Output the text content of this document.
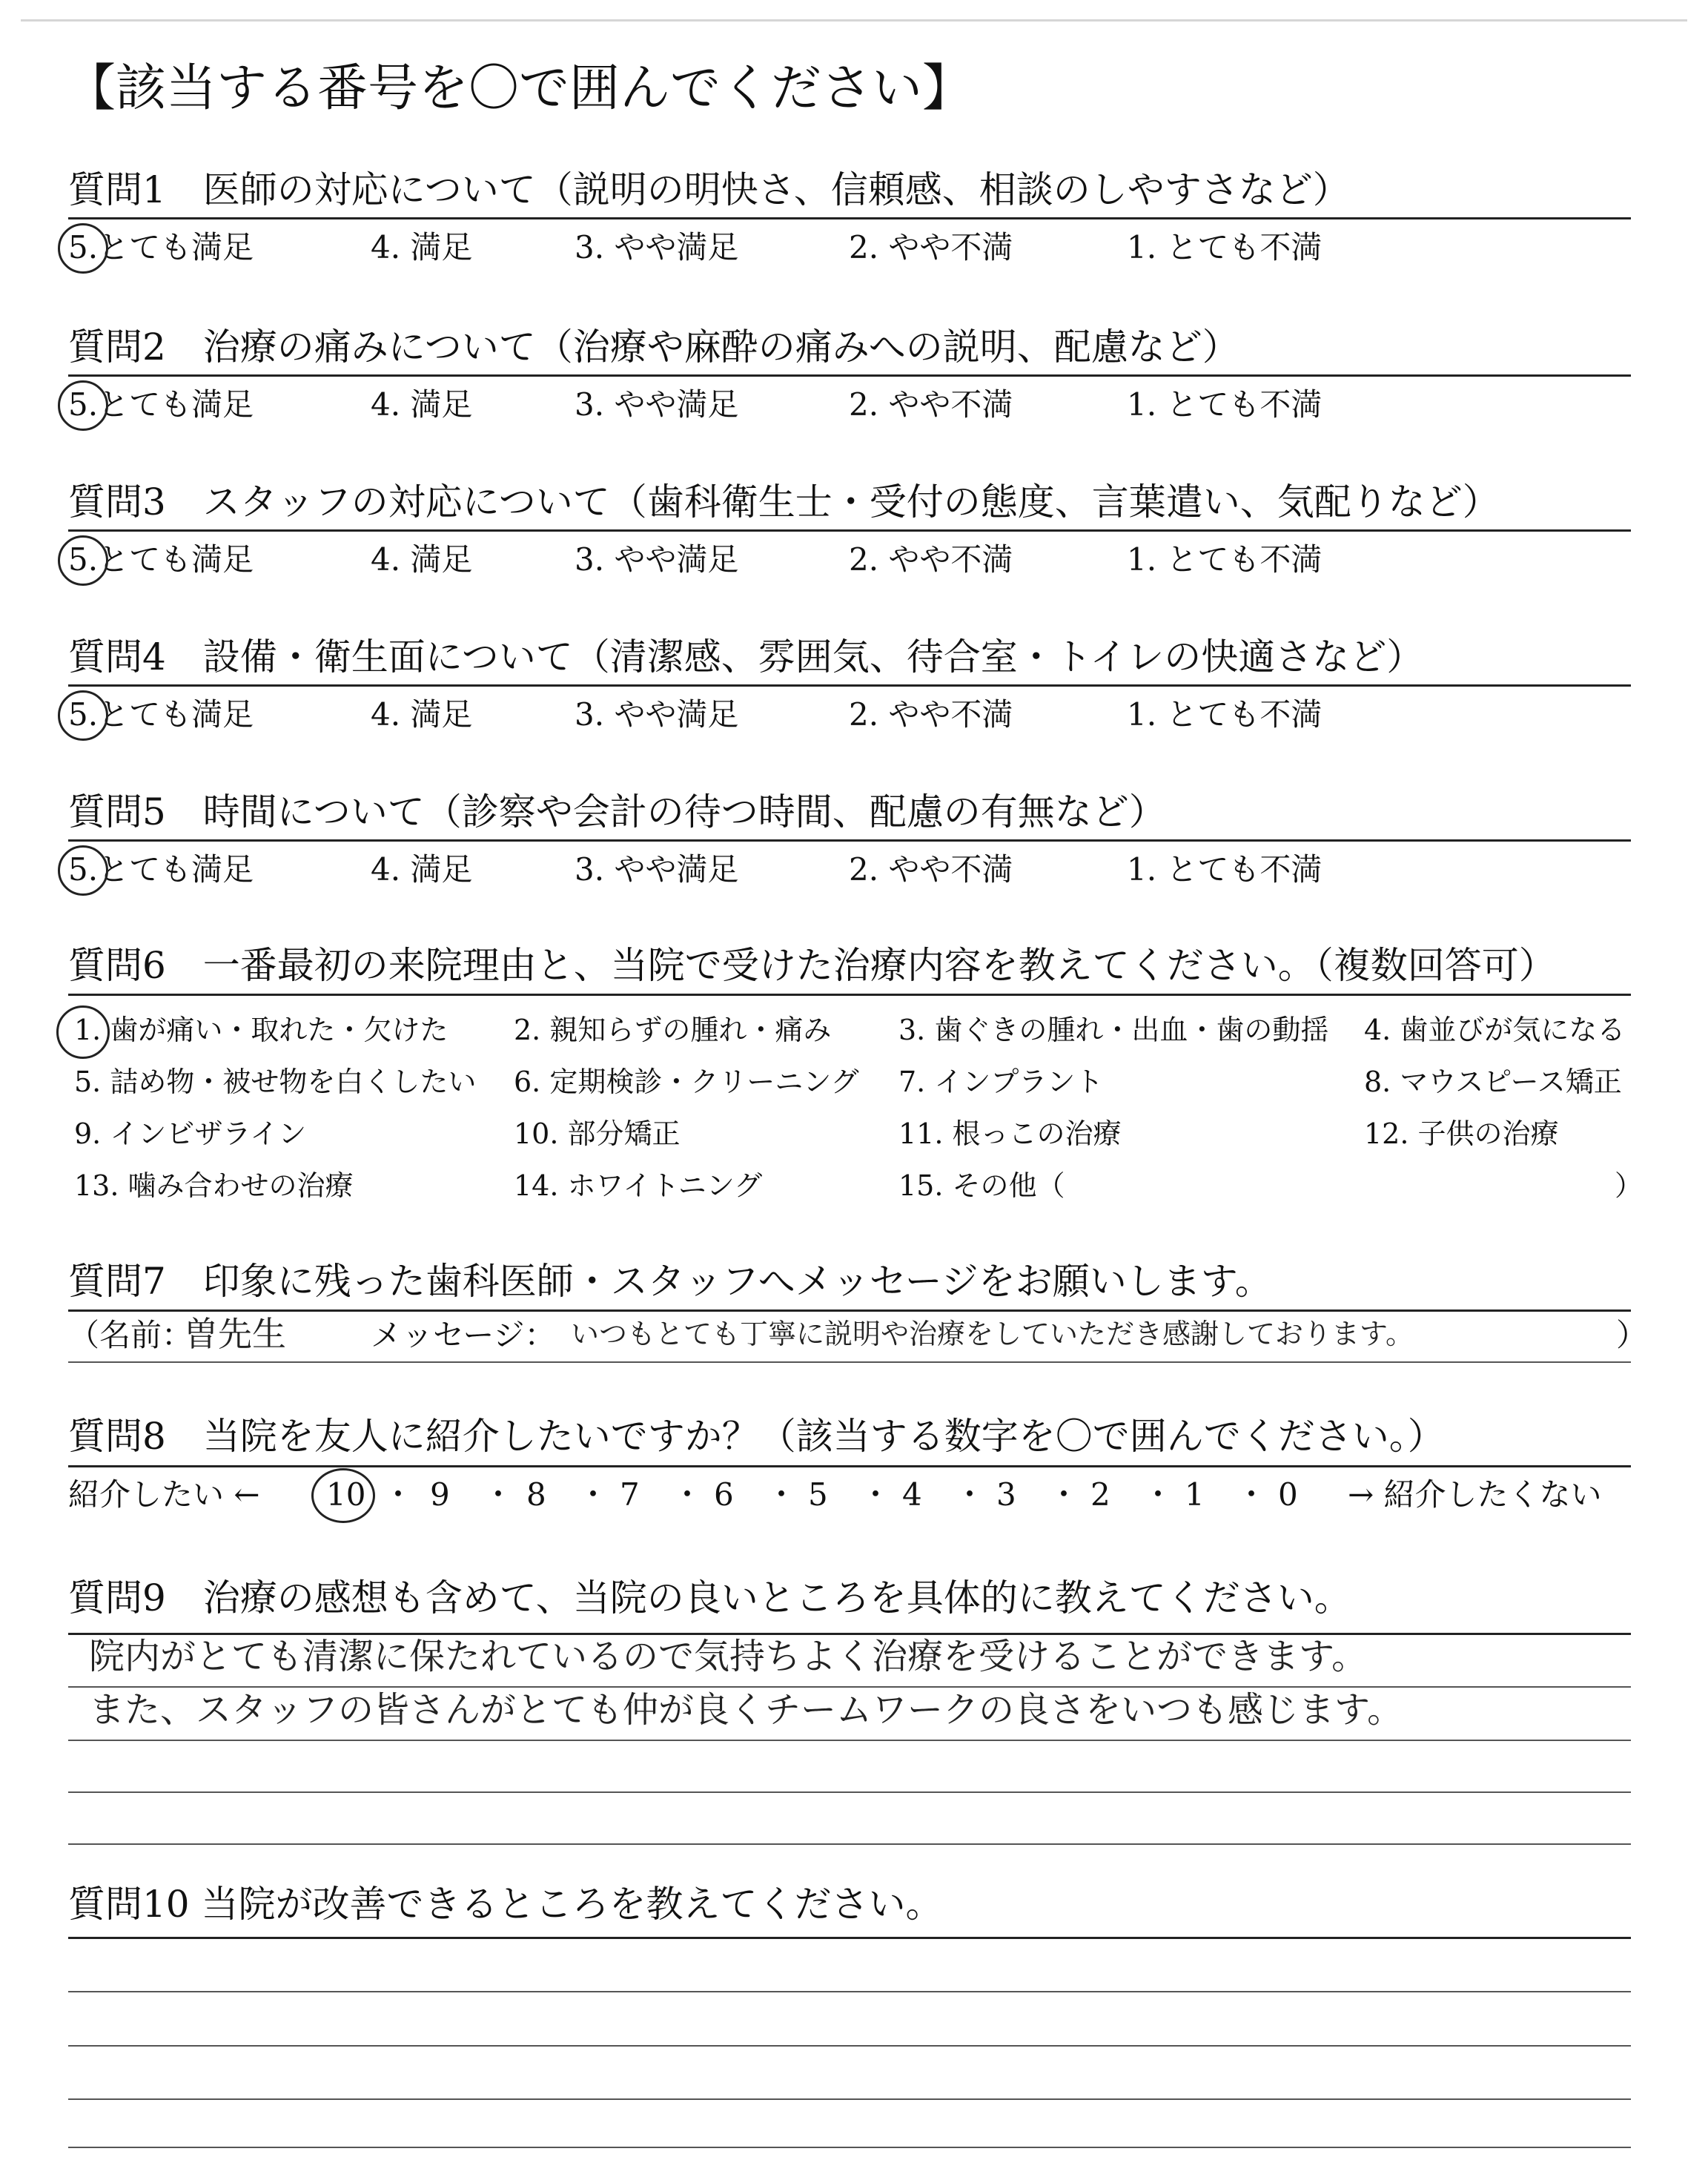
【該当する番号を〇で囲んでください】
質問1　医師の対応について（説明の明快さ、信頼感、相談のしやすさなど）
5.とても満足	4. 満足	3. やや満足	2. やや不満	1. とても不満
質問2　治療の痛みについて（治療や麻酔の痛みへの説明、配慮など）
5.とても満足	4. 満足	3. やや満足	2. やや不満	1. とても不満
質問3　スタッフの対応について（歯科衛生士・受付の態度、言葉遣い、気配りなど）
5.とても満足	4. 満足	3. やや満足	2. やや不満	1. とても不満
質問4　設備・衛生面について（清潔感、雰囲気、待合室・トイレの快適さなど）
5.とても満足	4. 満足	3. やや満足	2. やや不満	1. とても不満
質問5　時間について（診察や会計の待つ時間、配慮の有無など）
5.とても満足	4. 満足	3. やや満足	2. やや不満	1. とても不満
質問6　一番最初の来院理由と、当院で受けた治療内容を教えてください。（複数回答可）
1. 歯が痛い・取れた・欠けた 2. 親知らずの腫れ・痛み 3. 歯ぐきの腫れ・出血・歯の動揺 4. 歯並びが気になる
5. 詰め物・被せ物を白くしたい 6. 定期検診・クリーニング 7. インプラント	8. マウスピース矯正
9. インビザライン	10. 部分矯正	11. 根っこの治療	12. 子供の治療
13. 噛み合わせの治療	14. ホワイトニング	15. その他（	）
質問7　印象に残った歯科医師・スタッフへメッセージをお願いします。
（名前：
曽先生	メッセージ： いつもとても丁寧に説明や治療をしていただき感謝しております。	）
質問8　当院を友人に紹介したいですか？（該当する数字を〇で囲んでください。）
紹介したい ← 10 ・ 9 ・ 8 ・ 7 ・ 6 ・ 5 ・ 4 ・ 3 ・ 2 ・ 1 ・ 0 → 紹介したくない
質問9　治療の感想も含めて、当院の良いところを具体的に教えてください。
院内がとても清潔に保たれているので気持ちよく治療を受けることができます。
また、スタッフの皆さんがとても仲が良くチームワークの良さをいつも感じます。
質問10 当院が改善できるところを教えてください。
